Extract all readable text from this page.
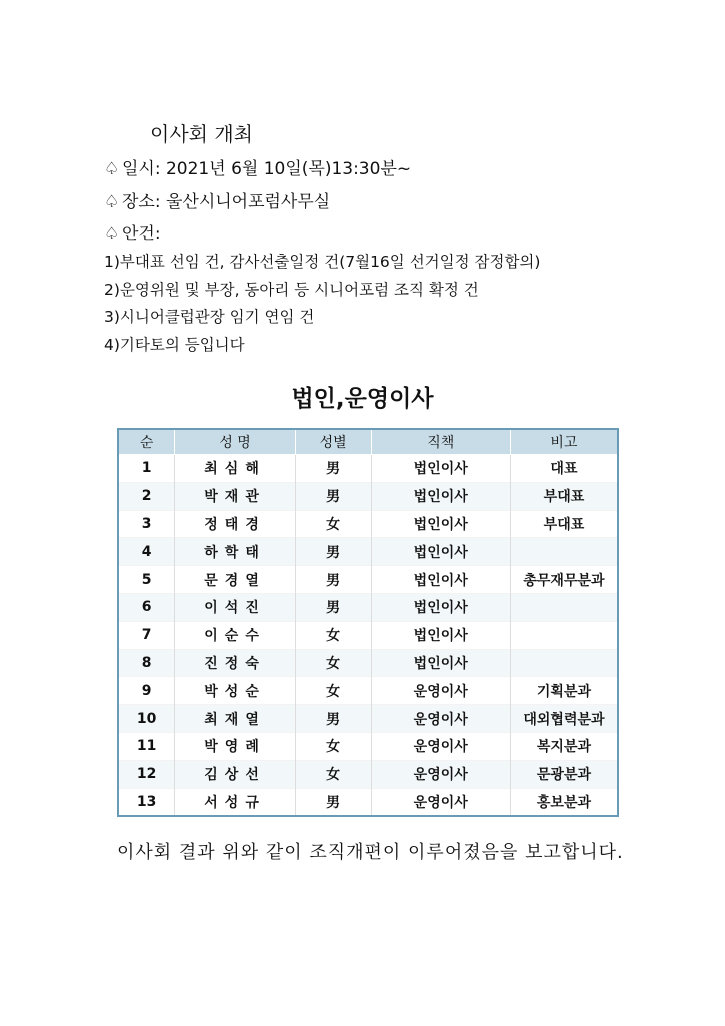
이사회 개최
♤ 일시: 2021년 6월 10일(목)13:30분~
♤ 장소: 울산시니어포럼사무실
♤ 안건:
1)부대표 선임 건, 감사선출일정 건(7월16일 선거일정 잠정합의)
2)운영위원 및 부장, 동아리 등 시니어포럼 조직 확정 건
3)시니어클럽관장 임기 연임 건
4)기타토의 등입니다
법인,운영이사
순	성 명	성별	직책	비고
1	최심해	男	법인이사	대표
2	박재관	男	법인이사	부대표
3	정태경	女	법인이사	부대표
4	하학태	男	법인이사	
5	문경열	男	법인이사	총무재무분과
6	이석진	男	법인이사	
7	이순수	女	법인이사	
8	진정숙	女	법인이사	
9	박성순	女	운영이사	기획분과
10	최재열	男	운영이사	대외협력분과
11	박영례	女	운영이사	복지분과
12	김상선	女	운영이사	문광분과
13	서성규	男	운영이사	홍보분과
이사회 결과 위와 같이 조직개편이 이루어졌음을 보고합니다.
